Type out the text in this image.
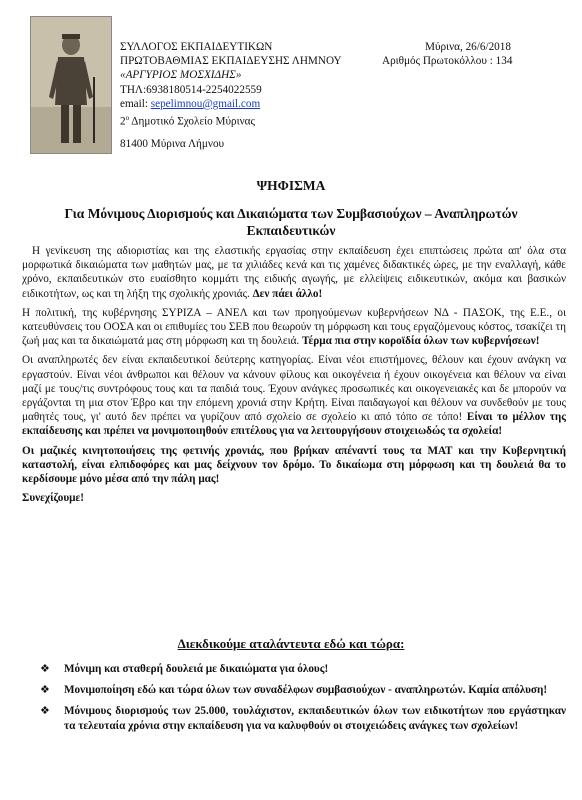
ΣΥΛΛΟΓΟΣ ΕΚΠΑΙΔΕΥΤΙΚΩΝ
ΠΡΩΤΟΒΑΘΜΙΑΣ ΕΚΠΑΙΔΕΥΣΗΣ ΛΗΜΝΟΥ
«ΑΡΓΥΡΙΟΣ ΜΟΣΧΙΔΗΣ»
ΤΗΛ:6938180514-2254022559
email: sepelimnou@gmail.com
$2^o$ Δημοτικό Σχολείο Μύρινας
81400 Μύρινα Λήμνου
Μύρινα, 26/6/2018
Αριθμός Πρωτοκόλλου : 134
ΨΗΦΙΣΜΑ
Για Μόνιμους Διορισμούς και Δικαιώματα των Συμβασιούχων – Αναπληρωτών Εκπαιδευτικών

Η γενίκευση της αδιοριστίας και της ελαστικής εργασίας στην εκπαίδευση έχει επιπτώσεις πρώτα απ' όλα στα μορφωτικά δικαιώματα των μαθητών μας, με τα χιλιάδες κενά και τις χαμένες διδακτικές ώρες, με την εναλλαγή, κάθε χρόνο, εκπαιδευτικών στο ευαίσθητο κομμάτι της ειδικής αγωγής, με ελλείψεις ειδικευτικών, ακόμα και βασικών ειδικοτήτων, ως και τη λήξη της σχολικής χρονιάς. Δεν πάει άλλο!

Η πολιτική, της κυβέρνησης ΣΥΡΙΖΑ – ΑΝΕΛ και των προηγούμενων κυβερνήσεων ΝΔ - ΠΑΣΟΚ, της Ε.Ε., οι κατευθύνσεις του ΟΟΣΑ και οι επιθυμίες του ΣΕΒ που θεωρούν τη μόρφωση και τους εργαζόμενους κόστος, τσακίζει τη ζωή μας και τα δικαιώματά μας στη μόρφωση και τη δουλειά. Τέρμα πια στην κοροϊδία όλων των κυβερνήσεων!

Οι αναπληρωτές δεν είναι εκπαιδευτικοί δεύτερης κατηγορίας. Είναι νέοι επιστήμονες, θέλουν και έχουν ανάγκη να εργαστούν. Είναι νέοι άνθρωποι και θέλουν να κάνουν φίλους και οικογένεια ή έχουν οικογένεια και θέλουν να είναι μαζί με τους/τις συντρόφους τους και τα παιδιά τους. Έχουν ανάγκες προσωπικές και οικογενειακές και δε μπορούν να εργάζονται τη μια στον Έβρο και την επόμενη χρονιά στην Κρήτη. Είναι παιδαγωγοί και θέλουν να συνδεθούν με τους μαθητές τους, γι' αυτό δεν πρέπει να γυρίζουν από σχολείο σε σχολείο κι από τόπο σε τόπο! Είναι το μέλλον της εκπαίδευσης και πρέπει να μονιμοποιηθούν επιτέλους για να λειτουργήσουν στοιχειωδώς τα σχολεία!

Οι μαζικές κινητοποιήσεις της φετινής χρονιάς, που βρήκαν απέναντί τους τα ΜΑΤ και την Κυβερνητική καταστολή, είναι ελπιδοφόρες και μας δείχνουν τον δρόμο. Το δικαίωμα στη μόρφωση και τη δουλειά θα το κερδίσουμε μόνο μέσα από την πάλη μας!

Συνεχίζουμε!

Διεκδικούμε αταλάντευτα εδώ και τώρα:
❖ Μόνιμη και σταθερή δουλειά με δικαιώματα για όλους!
❖ Μονιμοποίηση εδώ και τώρα όλων των συναδέλφων συμβασιούχων - αναπληρωτών. Καμία απόλυση!
❖ Μόνιμους διορισμούς των 25.000, τουλάχιστον, εκπαιδευτικών όλων των ειδικοτήτων που εργάστηκαν τα τελευταία χρόνια στην εκπαίδευση για να καλυφθούν οι στοιχειώδεις ανάγκες των σχολείων!
